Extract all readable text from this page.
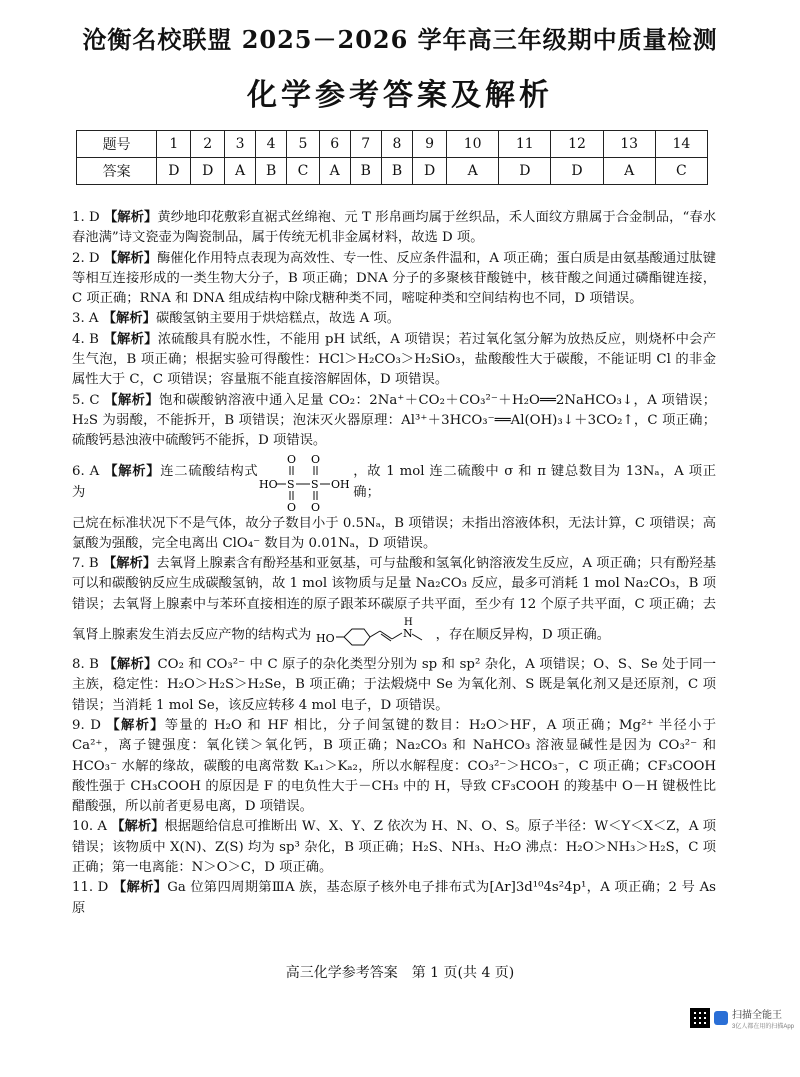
沧衡名校联盟 2025－2026 学年高三年级期中质量检测
化学参考答案及解析
题号	1	2	3	4	5	6	7	8	9	10	11	12	13	14
答案	D	D	A	B	C	A	B	B	D	A	D	D	A	C

1. D 【解析】黄纱地印花敷彩直裾式丝绵袍、元 T 形帛画均属于丝织品，禾人面纹方鼎属于合金制品，“春水春池满”诗文瓷壶为陶瓷制品，属于传统无机非金属材料，故选 D 项。

2. D 【解析】酶催化作用特点表现为高效性、专一性、反应条件温和，A 项正确；蛋白质是由氨基酸通过肽键等相互连接形成的一类生物大分子，B 项正确；DNA 分子的多聚核苷酸链中，核苷酸之间通过磷酯键连接，C 项正确；RNA 和 DNA 组成结构中除戊糖种类不同，嘧啶种类和空间结构也不同，D 项错误。

3. A 【解析】碳酸氢钠主要用于烘焙糕点，故选 A 项。

4. B 【解析】浓硫酸具有脱水性，不能用 pH 试纸，A 项错误；若过氧化氢分解为放热反应，则烧杯中会产生气泡，B 项正确；根据实验可得酸性：HCl＞H₂CO₃＞H₂SiO₃，盐酸酸性大于碳酸，不能证明 Cl 的非金属性大于 C，C 项错误；容量瓶不能直接溶解固体，D 项错误。

5. C 【解析】饱和碳酸钠溶液中通入足量 CO₂：2Na⁺＋CO₂＋CO₃²⁻＋H₂O══2NaHCO₃↓，A 项错误；H₂S 为弱酸，不能拆开，B 项错误；泡沫灭火器原理：Al³⁺＋3HCO₃⁻══Al(OH)₃↓＋3CO₂↑，C 项正确；硫酸钙悬浊液中硫酸钙不能拆，D 项错误。

6. A 【解析】连二硫酸结构式为
HO S S OH
O O
O O
，故 1 mol 连二硫酸中 σ 和 π 键总数目为 13Nₐ，A 项正确；

己烷在标准状况下不是气体，故分子数目小于 0.5Nₐ，B 项错误；未指出溶液体积，无法计算，C 项错误；高氯酸为强酸，完全电离出 ClO₄⁻ 数目为 0.01Nₐ，D 项错误。

7. B 【解析】去氧肾上腺素含有酚羟基和亚氨基，可与盐酸和氢氧化钠溶液发生反应，A 项正确；只有酚羟基可以和碳酸钠反应生成碳酸氢钠，故 1 mol 该物质与足量 Na₂CO₃ 反应，最多可消耗 1 mol Na₂CO₃，B 项错误；去氧肾上腺素中与苯环直接相连的原子跟苯环碳原子共平面，至少有 12 个原子共平面，C 项正确；去氧肾上腺素发生消去反应产物的结构式为 HO	N
H
，存在顺反异构，D 项正确。

8. B 【解析】CO₂ 和 CO₃²⁻ 中 C 原子的杂化类型分别为 sp 和 sp² 杂化，A 项错误；O、S、Se 处于同一主族，稳定性：H₂O＞H₂S＞H₂Se，B 项正确；于法煅烧中 Se 为氧化剂、S 既是氧化剂又是还原剂，C 项错误；当消耗 1 mol Se，该反应转移 4 mol 电子，D 项错误。

9. D 【解析】等量的 H₂O 和 HF 相比，分子间氢键的数目：H₂O＞HF，A 项正确；Mg²⁺ 半径小于 Ca²⁺，离子键强度：氧化镁＞氧化钙，B 项正确；Na₂CO₃ 和 NaHCO₃ 溶液显碱性是因为 CO₃²⁻ 和 HCO₃⁻ 水解的缘故，碳酸的电离常数 Kₐ₁＞Kₐ₂，所以水解程度：CO₃²⁻＞HCO₃⁻，C 项正确；CF₃COOH 酸性强于 CH₃COOH 的原因是 F 的电负性大于－CH₃ 中的 H，导致 CF₃COOH 的羧基中 O－H 键极性比醋酸强，所以前者更易电离，D 项错误。

10. A 【解析】根据题给信息可推断出 W、X、Y、Z 依次为 H、N、O、S。原子半径：W＜Y＜X＜Z，A 项错误；该物质中 X(N)、Z(S) 均为 sp³ 杂化，B 项正确；H₂S、NH₃、H₂O 沸点：H₂O＞NH₃＞H₂S，C 项正确；第一电离能：N＞O＞C，D 项正确。

11. D 【解析】Ga 位第四周期第ⅢA 族，基态原子核外电子排布式为[Ar]3d¹⁰4s²4p¹，A 项正确；2 号 As 原

高三化学参考答案　第 1 页(共 4 页)
扫描全能王
3亿人都在用的扫描App
